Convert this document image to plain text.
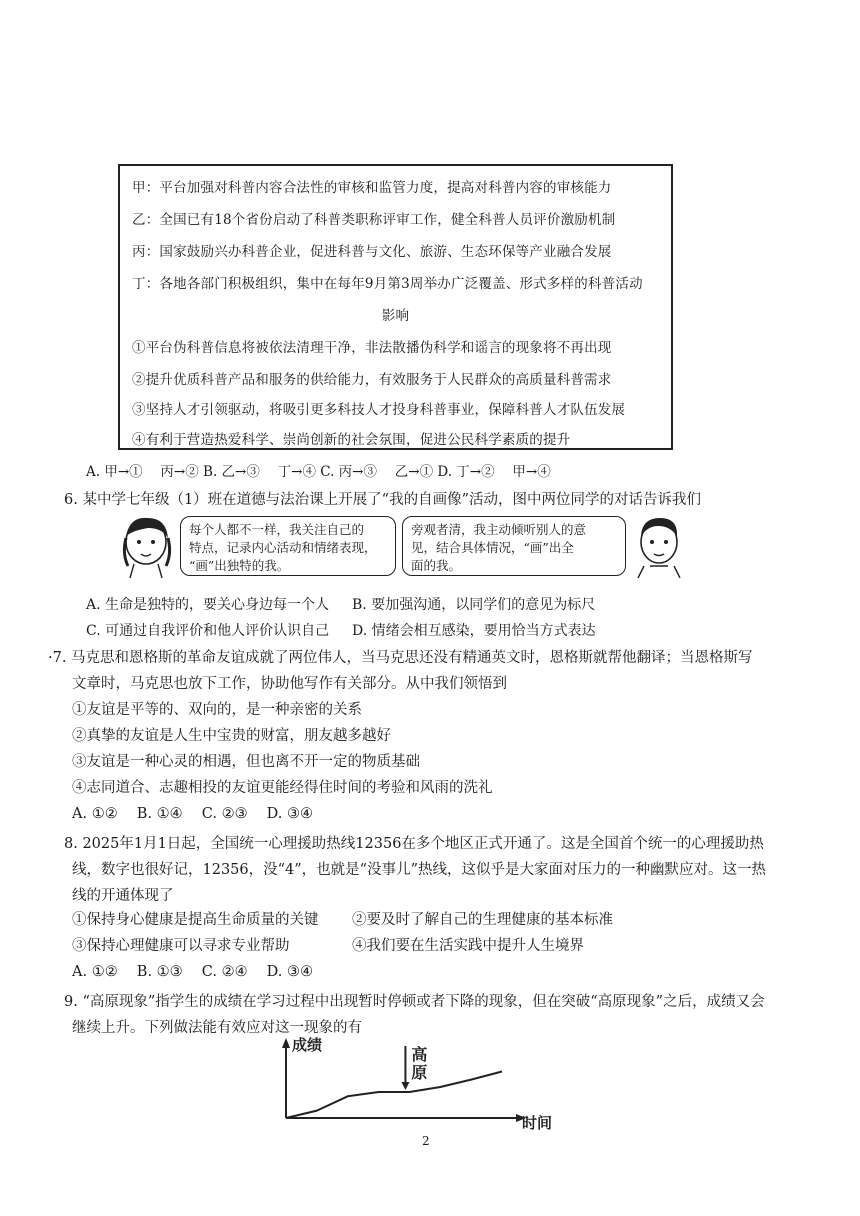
甲：平台加强对科普内容合法性的审核和监管力度，提高对科普内容的审核能力
乙：全国已有18个省份启动了科普类职称评审工作，健全科普人员评价激励机制
丙：国家鼓励兴办科普企业，促进科普与文化、旅游、生态环保等产业融合发展
丁：各地各部门积极组织，集中在每年9月第3周举办广泛覆盖、形式多样的科普活动
影响
①平台伪科普信息将被依法清理干净，非法散播伪科学和谣言的现象将不再出现
②提升优质科普产品和服务的供给能力，有效服务于人民群众的高质量科普需求
③坚持人才引领驱动，将吸引更多科技人才投身科普事业，保障科普人才队伍发展
④有利于营造热爱科学、崇尚创新的社会氛围，促进公民科学素质的提升
A. 甲→①　 丙→② B. 乙→③　 丁→④ C. 丙→③　 乙→① D. 丁→②　 甲→④
6. 某中学七年级（1）班在道德与法治课上开展了“我的自画像”活动，图中两位同学的对话告诉我们
每个人都不一样，我关注自己的
特点，记录内心活动和情绪表现，
“画”出独特的我。
旁观者清，我主动倾听别人的意
见，结合具体情况，“画”出全
面的我。
A. 生命是独特的，要关心身边每一个人 B. 要加强沟通，以同学们的意见为标尺
C. 可通过自我评价和他人评价认识自己 D. 情绪会相互感染，要用恰当方式表达
·7. 马克思和恩格斯的革命友谊成就了两位伟人，当马克思还没有精通英文时，恩格斯就帮他翻译；当恩格斯写
文章时，马克思也放下工作，协助他写作有关部分。从中我们领悟到
①友谊是平等的、双向的，是一种亲密的关系
②真挚的友谊是人生中宝贵的财富，朋友越多越好
③友谊是一种心灵的相遇，但也离不开一定的物质基础
④志同道合、志趣相投的友谊更能经得住时间的考验和风雨的洗礼
A. ①②　 B. ①④　 C. ②③　 D. ③④
8. 2025年1月1日起，全国统一心理援助热线12356在多个地区正式开通了。这是全国首个统一的心理援助热
线，数字也很好记，12356，没“4”，也就是“没事儿”热线，这似乎是大家面对压力的一种幽默应对。这一热
线的开通体现了
①保持身心健康是提高生命质量的关键 ②要及时了解自己的生理健康的基本标准
③保持心理健康可以寻求专业帮助	④我们要在生活实践中提升人生境界
A. ①②　 B. ①③　 C. ②④　 D. ③④
9. “高原现象”指学生的成绩在学习过程中出现暂时停顿或者下降的现象，但在突破“高原现象”之后，成绩又会
继续上升。下列做法能有效应对这一现象的有
高
原
成绩
时间
2
